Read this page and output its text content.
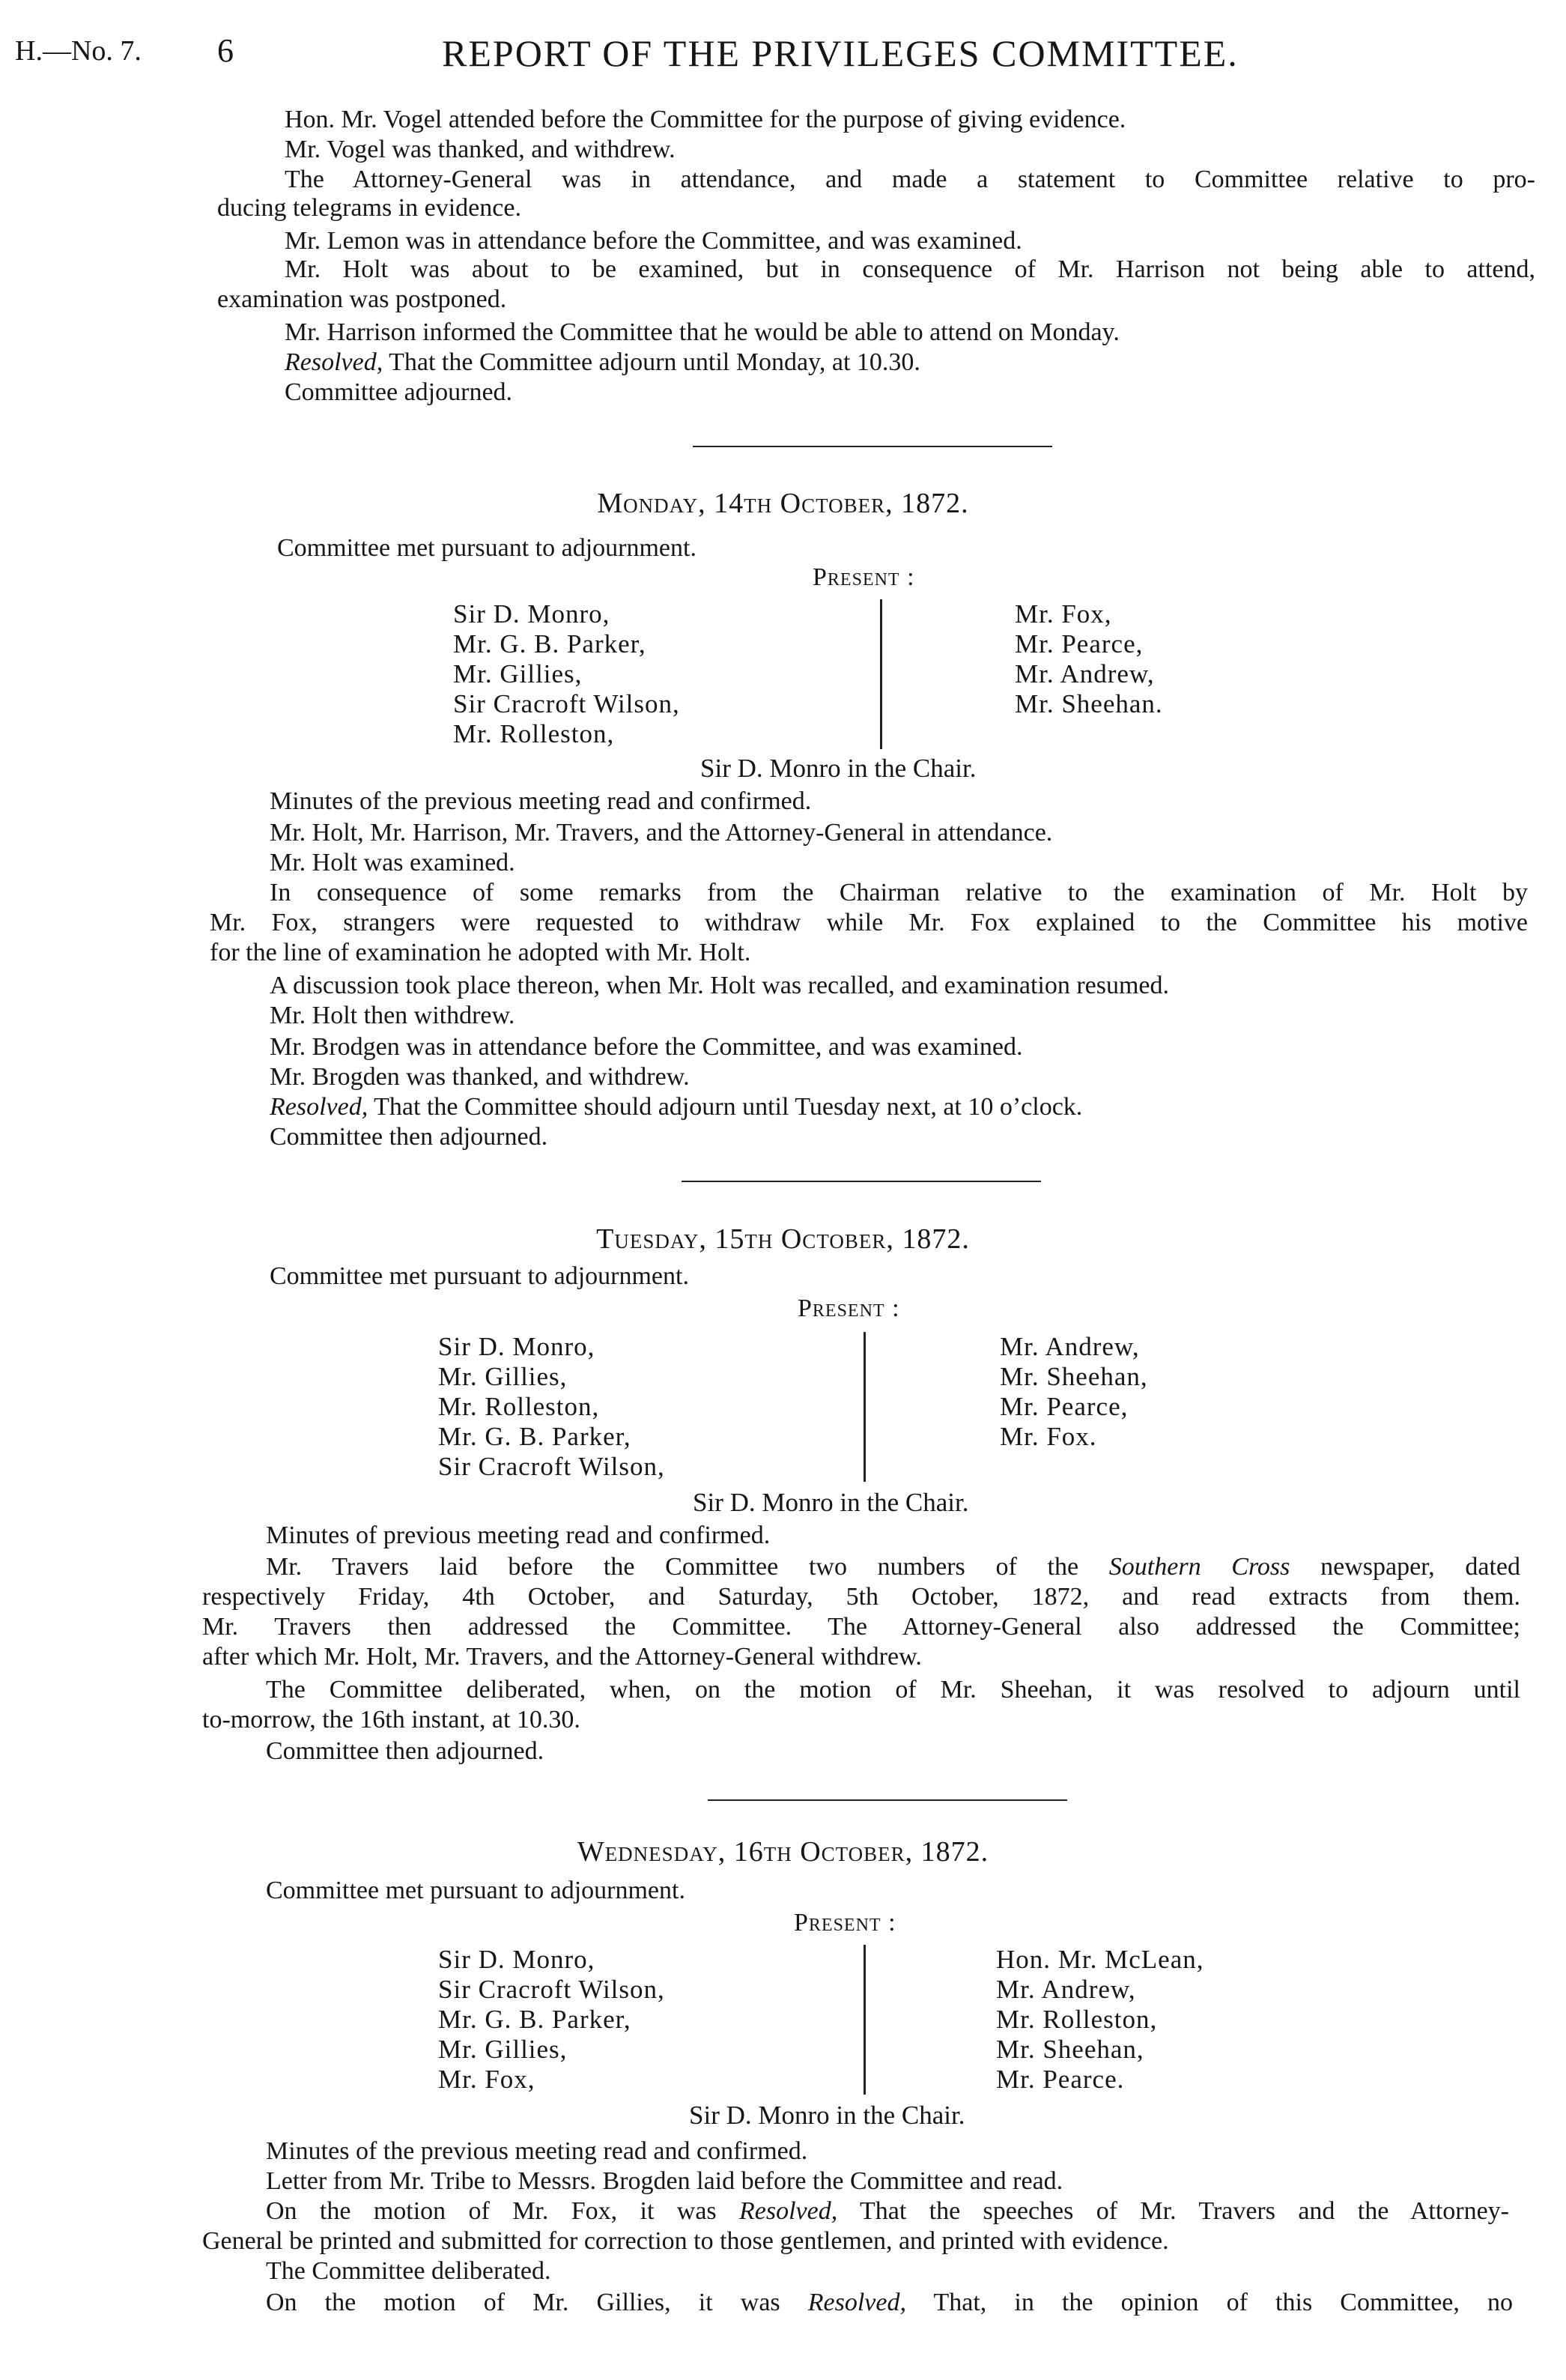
H.—No. 7. 6	REPORT OF THE PRIVILEGES COMMITTEE.
Hon. Mr. Vogel attended before the Committee for the purpose of giving evidence.
Mr. Vogel was thanked, and withdrew.
The Attorney-General was in attendance, and made a statement to Committee relative to pro-
ducing telegrams in evidence.
Mr. Lemon was in attendance before the Committee, and was examined.
Mr. Holt was about to be examined, but in consequence of Mr. Harrison not being able to attend,
examination was postponed.
Mr. Harrison informed the Committee that he would be able to attend on Monday.
Resolved, That the Committee adjourn until Monday, at 10.30.
Committee adjourned.
Monday, 14th October, 1872.
Committee met pursuant to adjournment.
Present :
Sir D. Monro,
Mr. G. B. Parker,
Mr. Gillies,
Sir Cracroft Wilson,
Mr. Rolleston,
Mr. Fox,
Mr. Pearce,
Mr. Andrew,
Mr. Sheehan.
Sir D. Monro in the Chair.
Minutes of the previous meeting read and confirmed.
Mr. Holt, Mr. Harrison, Mr. Travers, and the Attorney-General in attendance.
Mr. Holt was examined.
In consequence of some remarks from the Chairman relative to the examination of Mr. Holt by
Mr. Fox, strangers were requested to withdraw while Mr. Fox explained to the Committee his motive
for the line of examination he adopted with Mr. Holt.
A discussion took place thereon, when Mr. Holt was recalled, and examination resumed.
Mr. Holt then withdrew.
Mr. Brodgen was in attendance before the Committee, and was examined.
Mr. Brogden was thanked, and withdrew.
Resolved, That the Committee should adjourn until Tuesday next, at 10 o’clock.
Committee then adjourned.
Tuesday, 15th October, 1872.
Committee met pursuant to adjournment.
Present :
Sir D. Monro,
Mr. Gillies,
Mr. Rolleston,
Mr. G. B. Parker,
Sir Cracroft Wilson,
Mr. Andrew,
Mr. Sheehan,
Mr. Pearce,
Mr. Fox.
Sir D. Monro in the Chair.
Minutes of previous meeting read and confirmed.
Mr. Travers laid before the Committee two numbers of the Southern Cross newspaper, dated
respectively Friday, 4th October, and Saturday, 5th October, 1872, and read extracts from them.
Mr. Travers then addressed the Committee. The Attorney-General also addressed the Committee;
after which Mr. Holt, Mr. Travers, and the Attorney-General withdrew.
The Committee deliberated, when, on the motion of Mr. Sheehan, it was resolved to adjourn until
to-morrow, the 16th instant, at 10.30.
Committee then adjourned.
Wednesday, 16th October, 1872.
Committee met pursuant to adjournment.
Present :
Sir D. Monro,
Sir Cracroft Wilson,
Mr. G. B. Parker,
Mr. Gillies,
Mr. Fox,
Hon. Mr. McLean,
Mr. Andrew,
Mr. Rolleston,
Mr. Sheehan,
Mr. Pearce.
Sir D. Monro in the Chair.
Minutes of the previous meeting read and confirmed.
Letter from Mr. Tribe to Messrs. Brogden laid before the Committee and read.
On the motion of Mr. Fox, it was Resolved, That the speeches of Mr. Travers and the Attorney-
General be printed and submitted for correction to those gentlemen, and printed with evidence.
The Committee deliberated.
On the motion of Mr. Gillies, it was Resolved, That, in the opinion of this Committee, no
